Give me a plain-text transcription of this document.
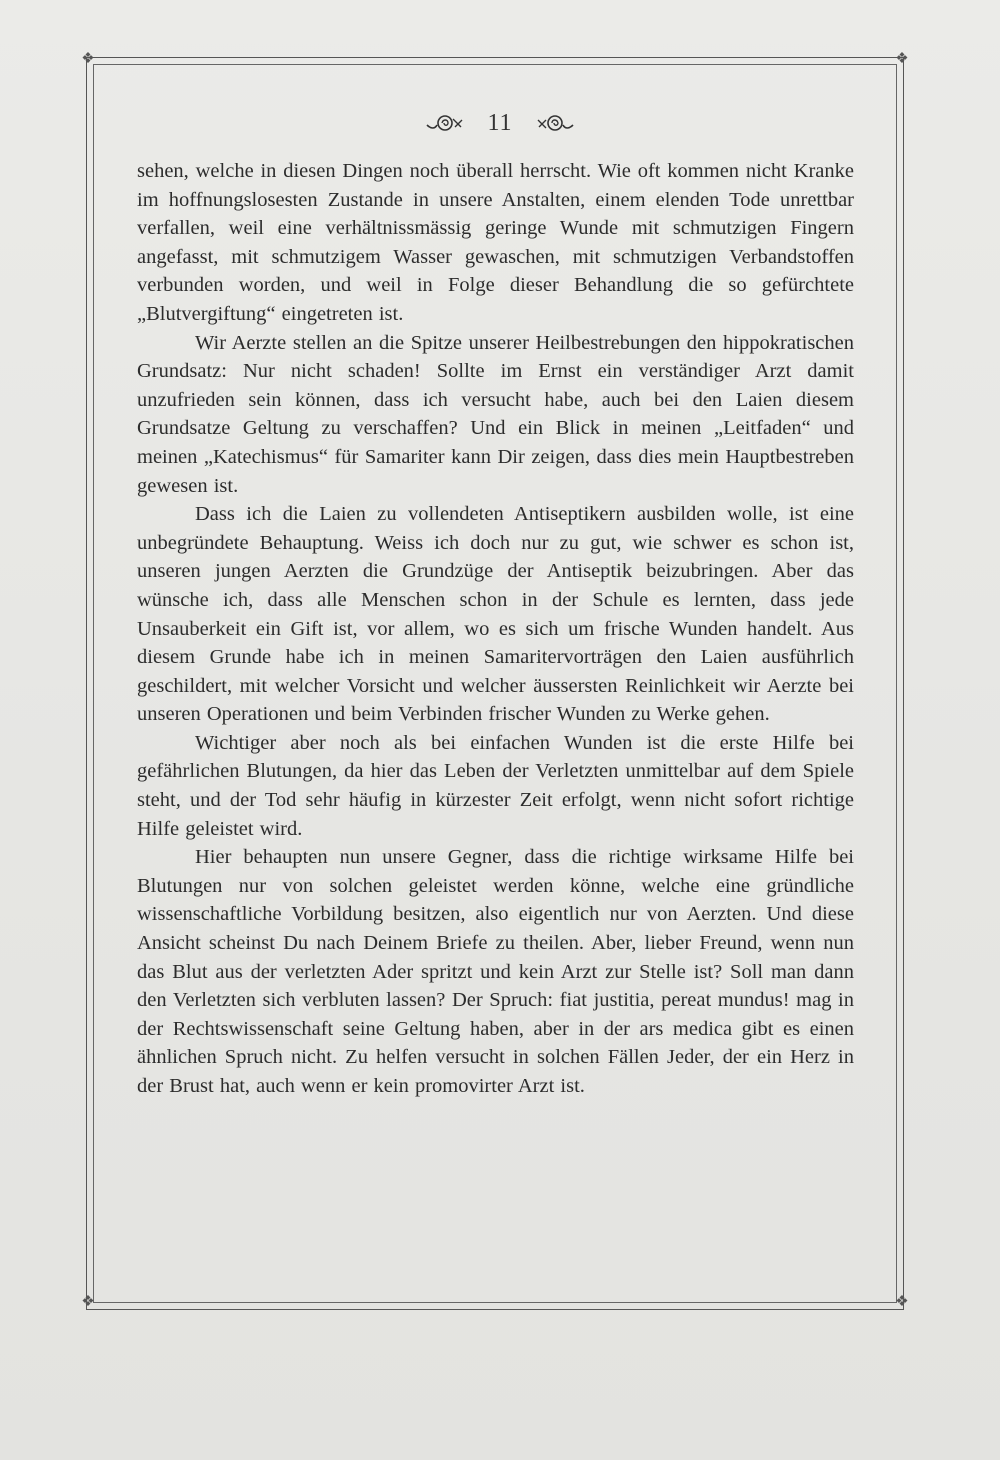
❖	❖
❖	❖
11

sehen, welche in diesen Dingen noch überall herrscht. Wie oft kommen nicht Kranke im hoffnungslosesten Zustande in unsere Anstalten, einem elenden Tode unrettbar verfallen, weil eine verhältnissmässig geringe Wunde mit schmutzigen Fingern angefasst, mit schmutzigem Wasser gewaschen, mit schmutzigen Verbandstoffen verbunden worden, und weil in Folge dieser Behandlung die so gefürchtete „Blutvergiftung“ eingetreten ist.

Wir Aerzte stellen an die Spitze unserer Heilbestrebungen den hippokratischen Grundsatz: Nur nicht schaden! Sollte im Ernst ein verständiger Arzt damit unzufrieden sein können, dass ich versucht habe, auch bei den Laien diesem Grundsatze Geltung zu verschaffen? Und ein Blick in meinen „Leitfaden“ und meinen „Katechismus“ für Samariter kann Dir zeigen, dass dies mein Hauptbestreben gewesen ist.

Dass ich die Laien zu vollendeten Antiseptikern ausbilden wolle, ist eine unbegründete Behauptung. Weiss ich doch nur zu gut, wie schwer es schon ist, unseren jungen Aerzten die Grundzüge der Antiseptik beizubringen. Aber das wünsche ich, dass alle Menschen schon in der Schule es lernten, dass jede Unsauberkeit ein Gift ist, vor allem, wo es sich um frische Wunden handelt. Aus diesem Grunde habe ich in meinen Samaritervorträgen den Laien ausführlich geschildert, mit welcher Vorsicht und welcher äussersten Reinlichkeit wir Aerzte bei unseren Operationen und beim Verbinden frischer Wunden zu Werke gehen.

Wichtiger aber noch als bei einfachen Wunden ist die erste Hilfe bei gefährlichen Blutungen, da hier das Leben der Verletzten unmittelbar auf dem Spiele steht, und der Tod sehr häufig in kürzester Zeit erfolgt, wenn nicht sofort richtige Hilfe geleistet wird.

Hier behaupten nun unsere Gegner, dass die richtige wirksame Hilfe bei Blutungen nur von solchen geleistet werden könne, welche eine gründliche wissenschaftliche Vorbildung besitzen, also eigentlich nur von Aerzten. Und diese Ansicht scheinst Du nach Deinem Briefe zu theilen. Aber, lieber Freund, wenn nun das Blut aus der verletzten Ader spritzt und kein Arzt zur Stelle ist? Soll man dann den Verletzten sich verbluten lassen? Der Spruch: fiat justitia, pereat mundus! mag in der Rechtswissenschaft seine Geltung haben, aber in der ars medica gibt es einen ähnlichen Spruch nicht. Zu helfen versucht in solchen Fällen Jeder, der ein Herz in der Brust hat, auch wenn er kein promovirter Arzt ist.
